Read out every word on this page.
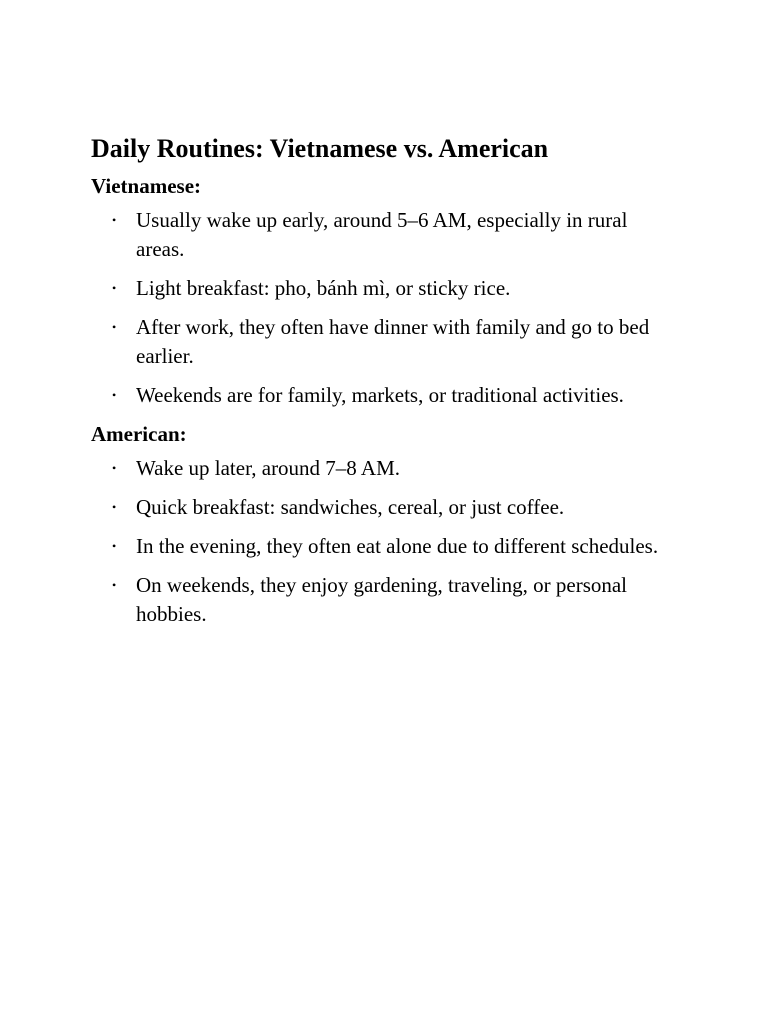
Daily Routines: Vietnamese vs. American
Vietnamese:
• Usually wake up early, around 5–6 AM, especially in rural areas.
• Light breakfast: pho, bánh mì, or sticky rice.
• After work, they often have dinner with family and go to bed earlier.
• Weekends are for family, markets, or traditional activities.
American:
• Wake up later, around 7–8 AM.
• Quick breakfast: sandwiches, cereal, or just coffee.
• In the evening, they often eat alone due to different schedules.
• On weekends, they enjoy gardening, traveling, or personal hobbies.
